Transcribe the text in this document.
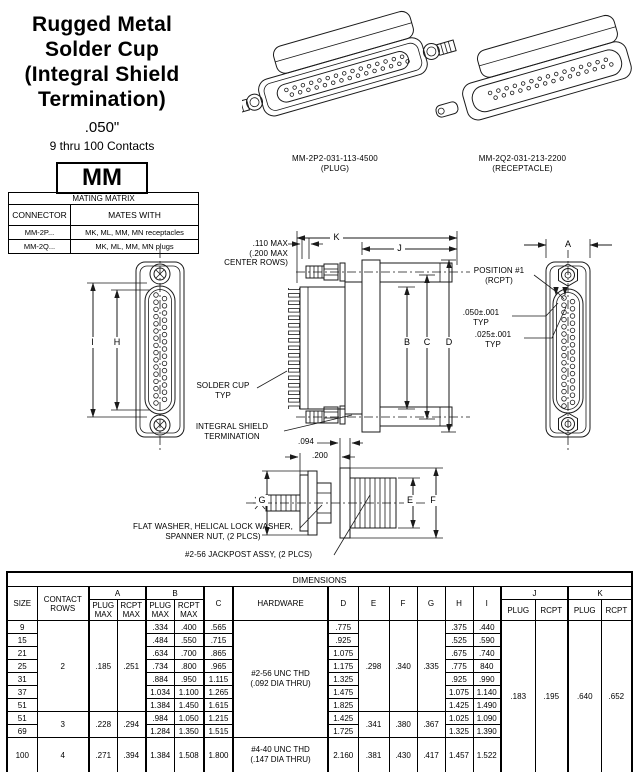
Rugged Metal
Solder Cup
(Integral Shield
Termination)
.050"
9 thru 100 Contacts
MM
MATING MATRIX	
CONNECTOR	MATES WITH
MM-2P...	MK, ML, MM, MN receptacles
MM-2Q...	MK, ML, MM, MN plugs
MM-2P2-031-113-4500
(PLUG)
MM-2Q2-031-213-2200
(RECEPTACLE)
.110 MAX
(.200 MAX
CENTER ROWS)
K
J	A
B	C	D
I	H
G	E	F
POSITION #1
(RCPT)
.050±.001
TYP
.025±.001
TYP
SOLDER CUP
TYP
INTEGRAL SHIELD
TERMINATION
.094
.200
FLAT WASHER, HELICAL LOCK WASHER,
SPANNER NUT, (2 PLCS)
#2-56 JACKPOST ASSY, (2 PLCS)
DIMENSIONS																	
SIZE	CONTACT
ROWS	A		B		C	HARDWARE	D	E	F	G	H	I	J		K	
		PLUG
MAX	RCPT
MAX	PLUG
MAX	RCPT
MAX									PLUG	RCPT	PLUG	RCPT
9	2	.185	.251	.334	.400	.565	#2-56 UNC THD
(.092 DIA THRU)	.775	.298	.340	.335	.375	.440	.183	.195	.640	.652
15				.484	.550	.715		.925				.525	.590				
21				.634	.700	.865		1.075				.675	.740				
25				.734	.800	.965		1.175				.775	840				
31				.884	.950	1.115		1.325				.925	.990				
37				1.034	1.100	1.265		1.475				1.075	1.140				
51				1.384	1.450	1.615		1.825				1.425	1.490				
51	3	.228	.294	.984	1.050	1.215		1.425	.341	.380	.367	1.025	1.090				
69				1.284	1.350	1.515		1.725				1.325	1.390				
100	4	.271	.394	1.384	1.508	1.800	#4-40 UNC THD
(.147 DIA THRU)	2.160	.381	.430	.417	1.457	1.522				
